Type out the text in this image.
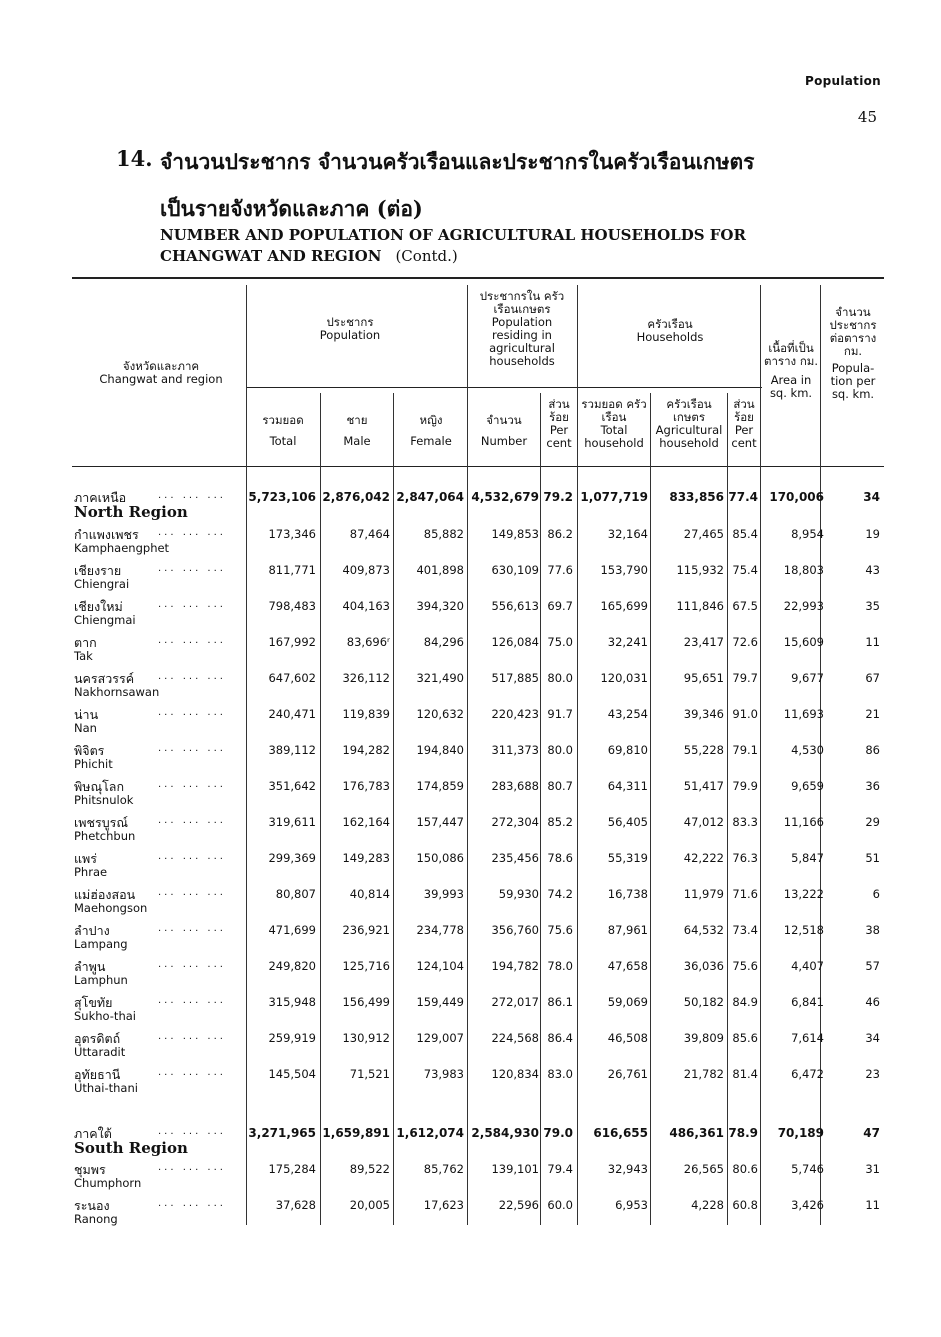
Population
45
14. จำนวนประชากร จำนวนครัวเรือนและประชากรในครัวเรือนเกษตร
เป็นรายจังหวัดและภาค (ต่อ)
NUMBER AND POPULATION OF AGRICULTURAL HOUSEHOLDS FOR
CHANGWAT AND REGION (Contd.)
จังหวัดและภาค
Changwat and region
ประชากร
Population
ประชากรใน ครัวเรือนเกษตร
Population residing in agricultural households
ครัวเรือน
Households
เนื้อที่เป็น ตาราง กม.
Area in sq. km.
จำนวน ประชากร ต่อตาราง กม.
Popula- tion per sq. km.
รวมยอด
Total
ชาย
Male
หญิง
Female
จำนวน
Number
ส่วน ร้อย
Per cent
รวมยอด ครัวเรือน
Total household
ครัวเรือน เกษตร
Agricultural household
ส่วน ร้อย
Per cent
ภาคเหนือ	... ... ...
North Region
5,723,106 2,876,042 2,847,064 4,532,679 79.2 1,077,719 833,856 77.4 170,006	34
กำแพงเพชร	... ... ...
Kamphaengphet
173,346	87,464	85,882 149,853 86.2	32,164	27,465 85.4	8,954	19
เชียงราย	... ... ...
Chiengrai
811,771 409,873 401,898 630,109 77.6 153,790 115,932 75.4 18,803	43
เชียงใหม่	... ... ...
Chiengmai
798,483 404,163 394,320 556,613 69.7 165,699 111,846 67.5 22,993	35
ตาก	... ... ...
Tak
167,992	83,696ʳ	84,296 126,084 75.0	32,241	23,417 72.6 15,609	11
นครสวรรค์	... ... ...
Nakhornsawan
647,602 326,112 321,490 517,885 80.0 120,031	95,651 79.7	9,677	67
น่าน	... ... ...
Nan
240,471 119,839 120,632 220,423 91.7	43,254	39,346 91.0 11,693	21
พิจิตร	... ... ...
Phichit
389,112 194,282 194,840 311,373 80.0	69,810	55,228 79.1	4,530	86
พิษณุโลก	... ... ...
Phitsnulok
351,642 176,783 174,859 283,688 80.7	64,311	51,417 79.9	9,659	36
เพชรบูรณ์	... ... ...
Phetchbun
319,611 162,164 157,447 272,304 85.2	56,405	47,012 83.3 11,166	29
แพร่	... ... ...
Phrae
299,369 149,283 150,086 235,456 78.6	55,319	42,222 76.3	5,847	51
แม่ฮ่องสอน	... ... ...
Maehongson
80,807	40,814	39,993	59,930 74.2	16,738	11,979 71.6 13,222	6
ลำปาง	... ... ...
Lampang
471,699 236,921 234,778 356,760 75.6	87,961	64,532 73.4 12,518	38
ลำพูน	... ... ...
Lamphun
249,820 125,716 124,104 194,782 78.0	47,658	36,036 75.6	4,407	57
สุโขทัย	... ... ...
Sukho-thai
315,948 156,499 159,449 272,017 86.1	59,069	50,182 84.9	6,841	46
อุตรดิตถ์	... ... ...
Uttaradit
259,919 130,912 129,007 224,568 86.4	46,508	39,809 85.6	7,614	34
อุทัยธานี	... ... ...
Uthai-thani
145,504	71,521	73,983 120,834 83.0	26,761	21,782 81.4	6,472	23
ภาคใต้	... ... ...
South Region
3,271,965 1,659,891 1,612,074 2,584,930 79.0 616,655 486,361 78.9 70,189	47
ชุมพร	... ... ...
Chumphorn
175,284	89,522	85,762 139,101 79.4	32,943	26,565 80.6	5,746	31
ระนอง	... ... ...
Ranong
37,628	20,005	17,623	22,596 60.0	6,953	4,228 60.8	3,426	11
